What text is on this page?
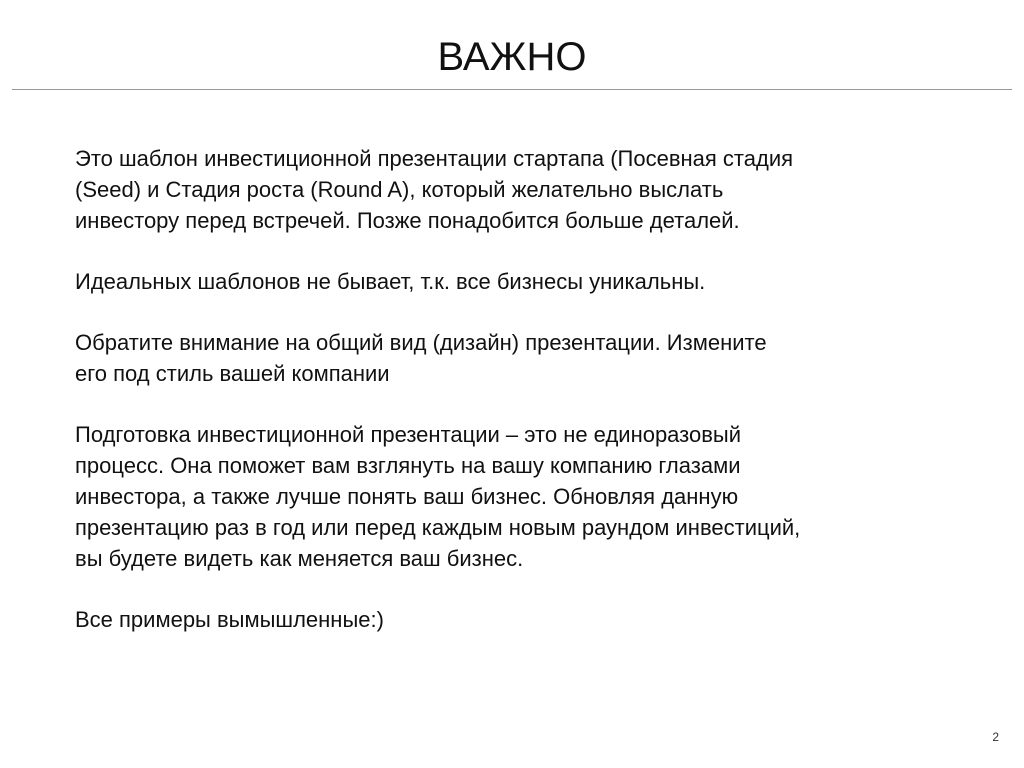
ВАЖНО

Это шаблон инвестиционной презентации стартапа (Посевная стадия
(Seed) и Стадия роста (Round A), который желательно выслать
инвестору перед встречей. Позже понадобится больше деталей.

Идеальных шаблонов не бывает, т.к. все бизнесы уникальны.

Обратите внимание на общий вид (дизайн) презентации. Измените
его под стиль вашей компании

Подготовка инвестиционной презентации – это не единоразовый
процесс. Она поможет вам взглянуть на вашу компанию глазами
инвестора, а также лучше понять ваш бизнес. Обновляя данную
презентацию раз в год или перед каждым новым раундом инвестиций,
вы будете видеть как меняется ваш бизнес.

Все примеры вымышленные:)

2
